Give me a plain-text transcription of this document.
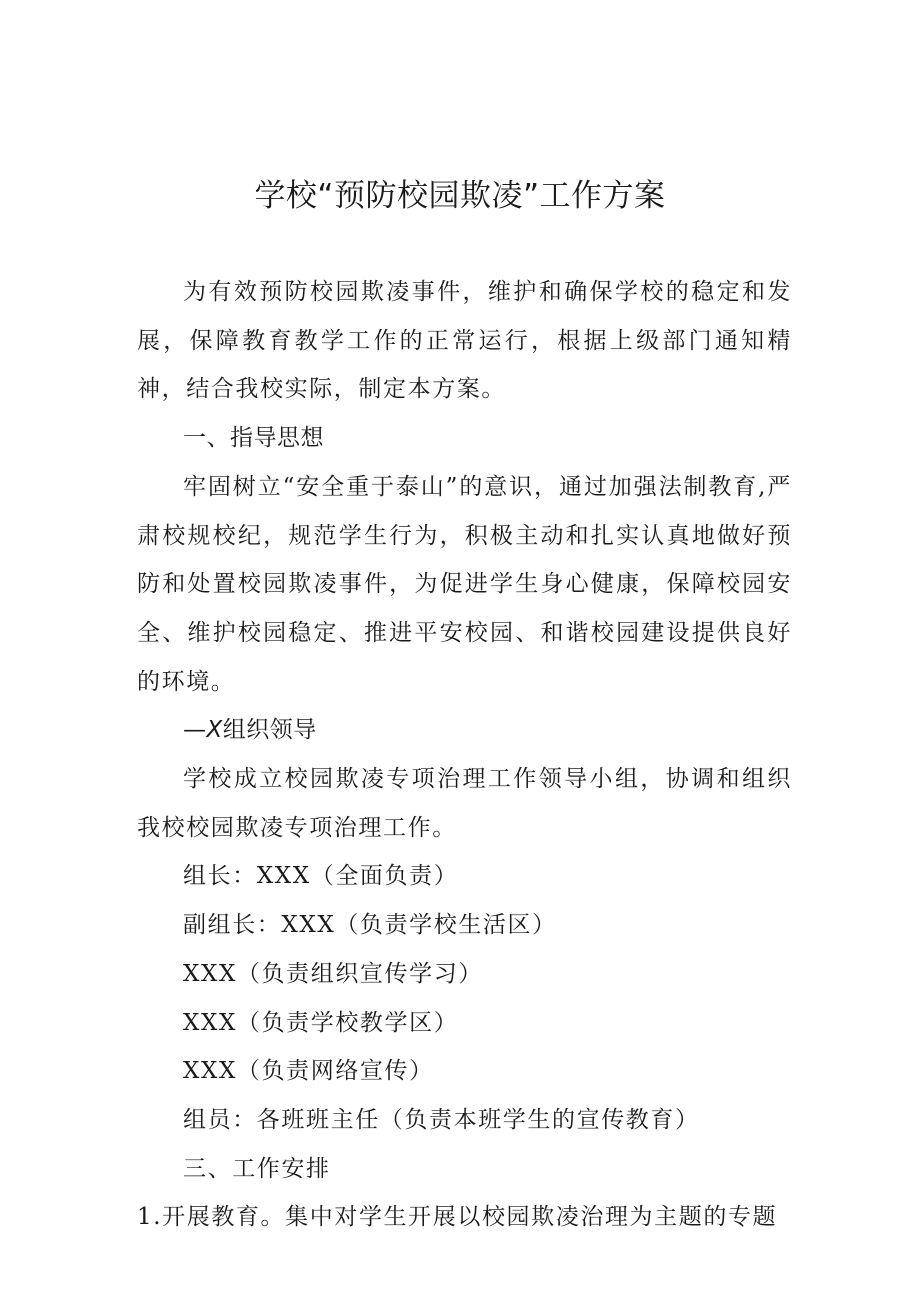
学校“预防校园欺凌”工作方案

为有效预防校园欺凌事件，维护和确保学校的稳定和发展，保障教育教学工作的正常运行，根据上级部门通知精神，结合我校实际，制定本方案。

一、指导思想

牢固树立“安全重于泰山”的意识，通过加强法制教育,严肃校规校纪，规范学生行为，积极主动和扎实认真地做好预防和处置校园欺凌事件，为促进学生身心健康，保障校园安全、维护校园稳定、推进平安校园、和谐校园建设提供良好的环境。

—X组织领导

学校成立校园欺凌专项治理工作领导小组，协调和组织我校校园欺凌专项治理工作。

组长：XXX（全面负责）

副组长：XXX（负责学校生活区）

XXX（负责组织宣传学习）

XXX（负责学校教学区）

XXX（负责网络宣传）

组员：各班班主任（负责本班学生的宣传教育）

三、工作安排

1.开展教育。集中对学生开展以校园欺凌治理为主题的专题
